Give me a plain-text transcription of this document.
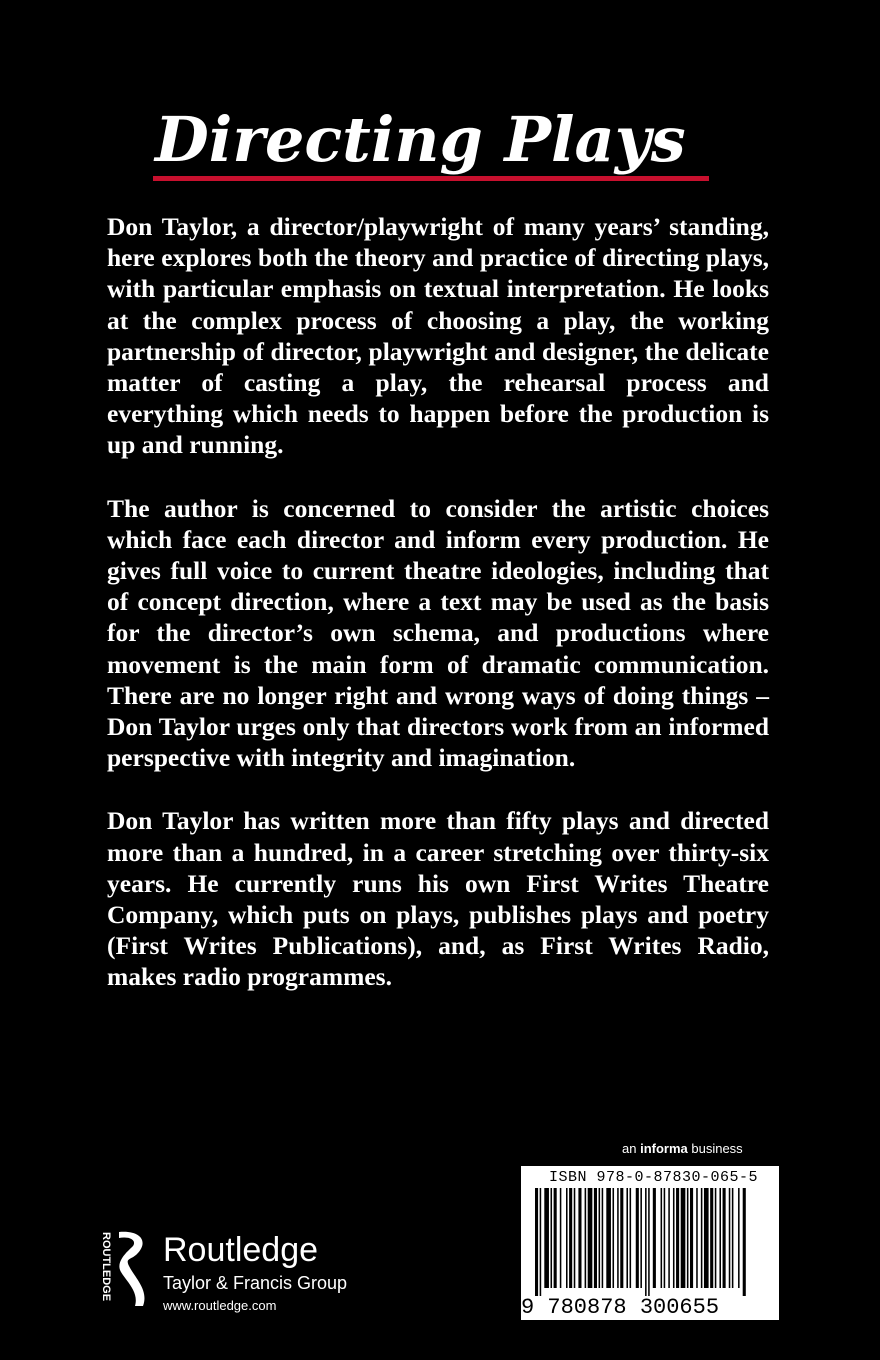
Directing Plays

Don Taylor, a director/playwright of many years’ standing, here explores both the theory and practice of directing plays, with particular emphasis on textual interpretation. He looks at the complex process of choosing a play, the working partnership of director, playwright and designer, the delicate matter of casting a play, the rehearsal process and everything which needs to happen before the production is up and running.

The author is concerned to consider the artistic choices which face each director and inform every production. He gives full voice to current theatre ideologies, including that of concept direction, where a text may be used as the basis for the director’s own schema, and productions where movement is the main form of dramatic communication. There are no longer right and wrong ways of doing things – Don Taylor urges only that directors work from an informed perspective with integrity and imagination.

Don Taylor has written more than fifty plays and directed more than a hundred, in a career stretching over thirty-six years. He currently runs his own First Writes Theatre Company, which puts on plays, publishes plays and poetry (First Writes Publications), and, as First Writes Radio, makes radio programmes.

an informa business
ISBN 978-0-87830-065-5
9 780878 300655
ROUTLEDGE Routledge
Taylor & Francis Group
www.routledge.com
